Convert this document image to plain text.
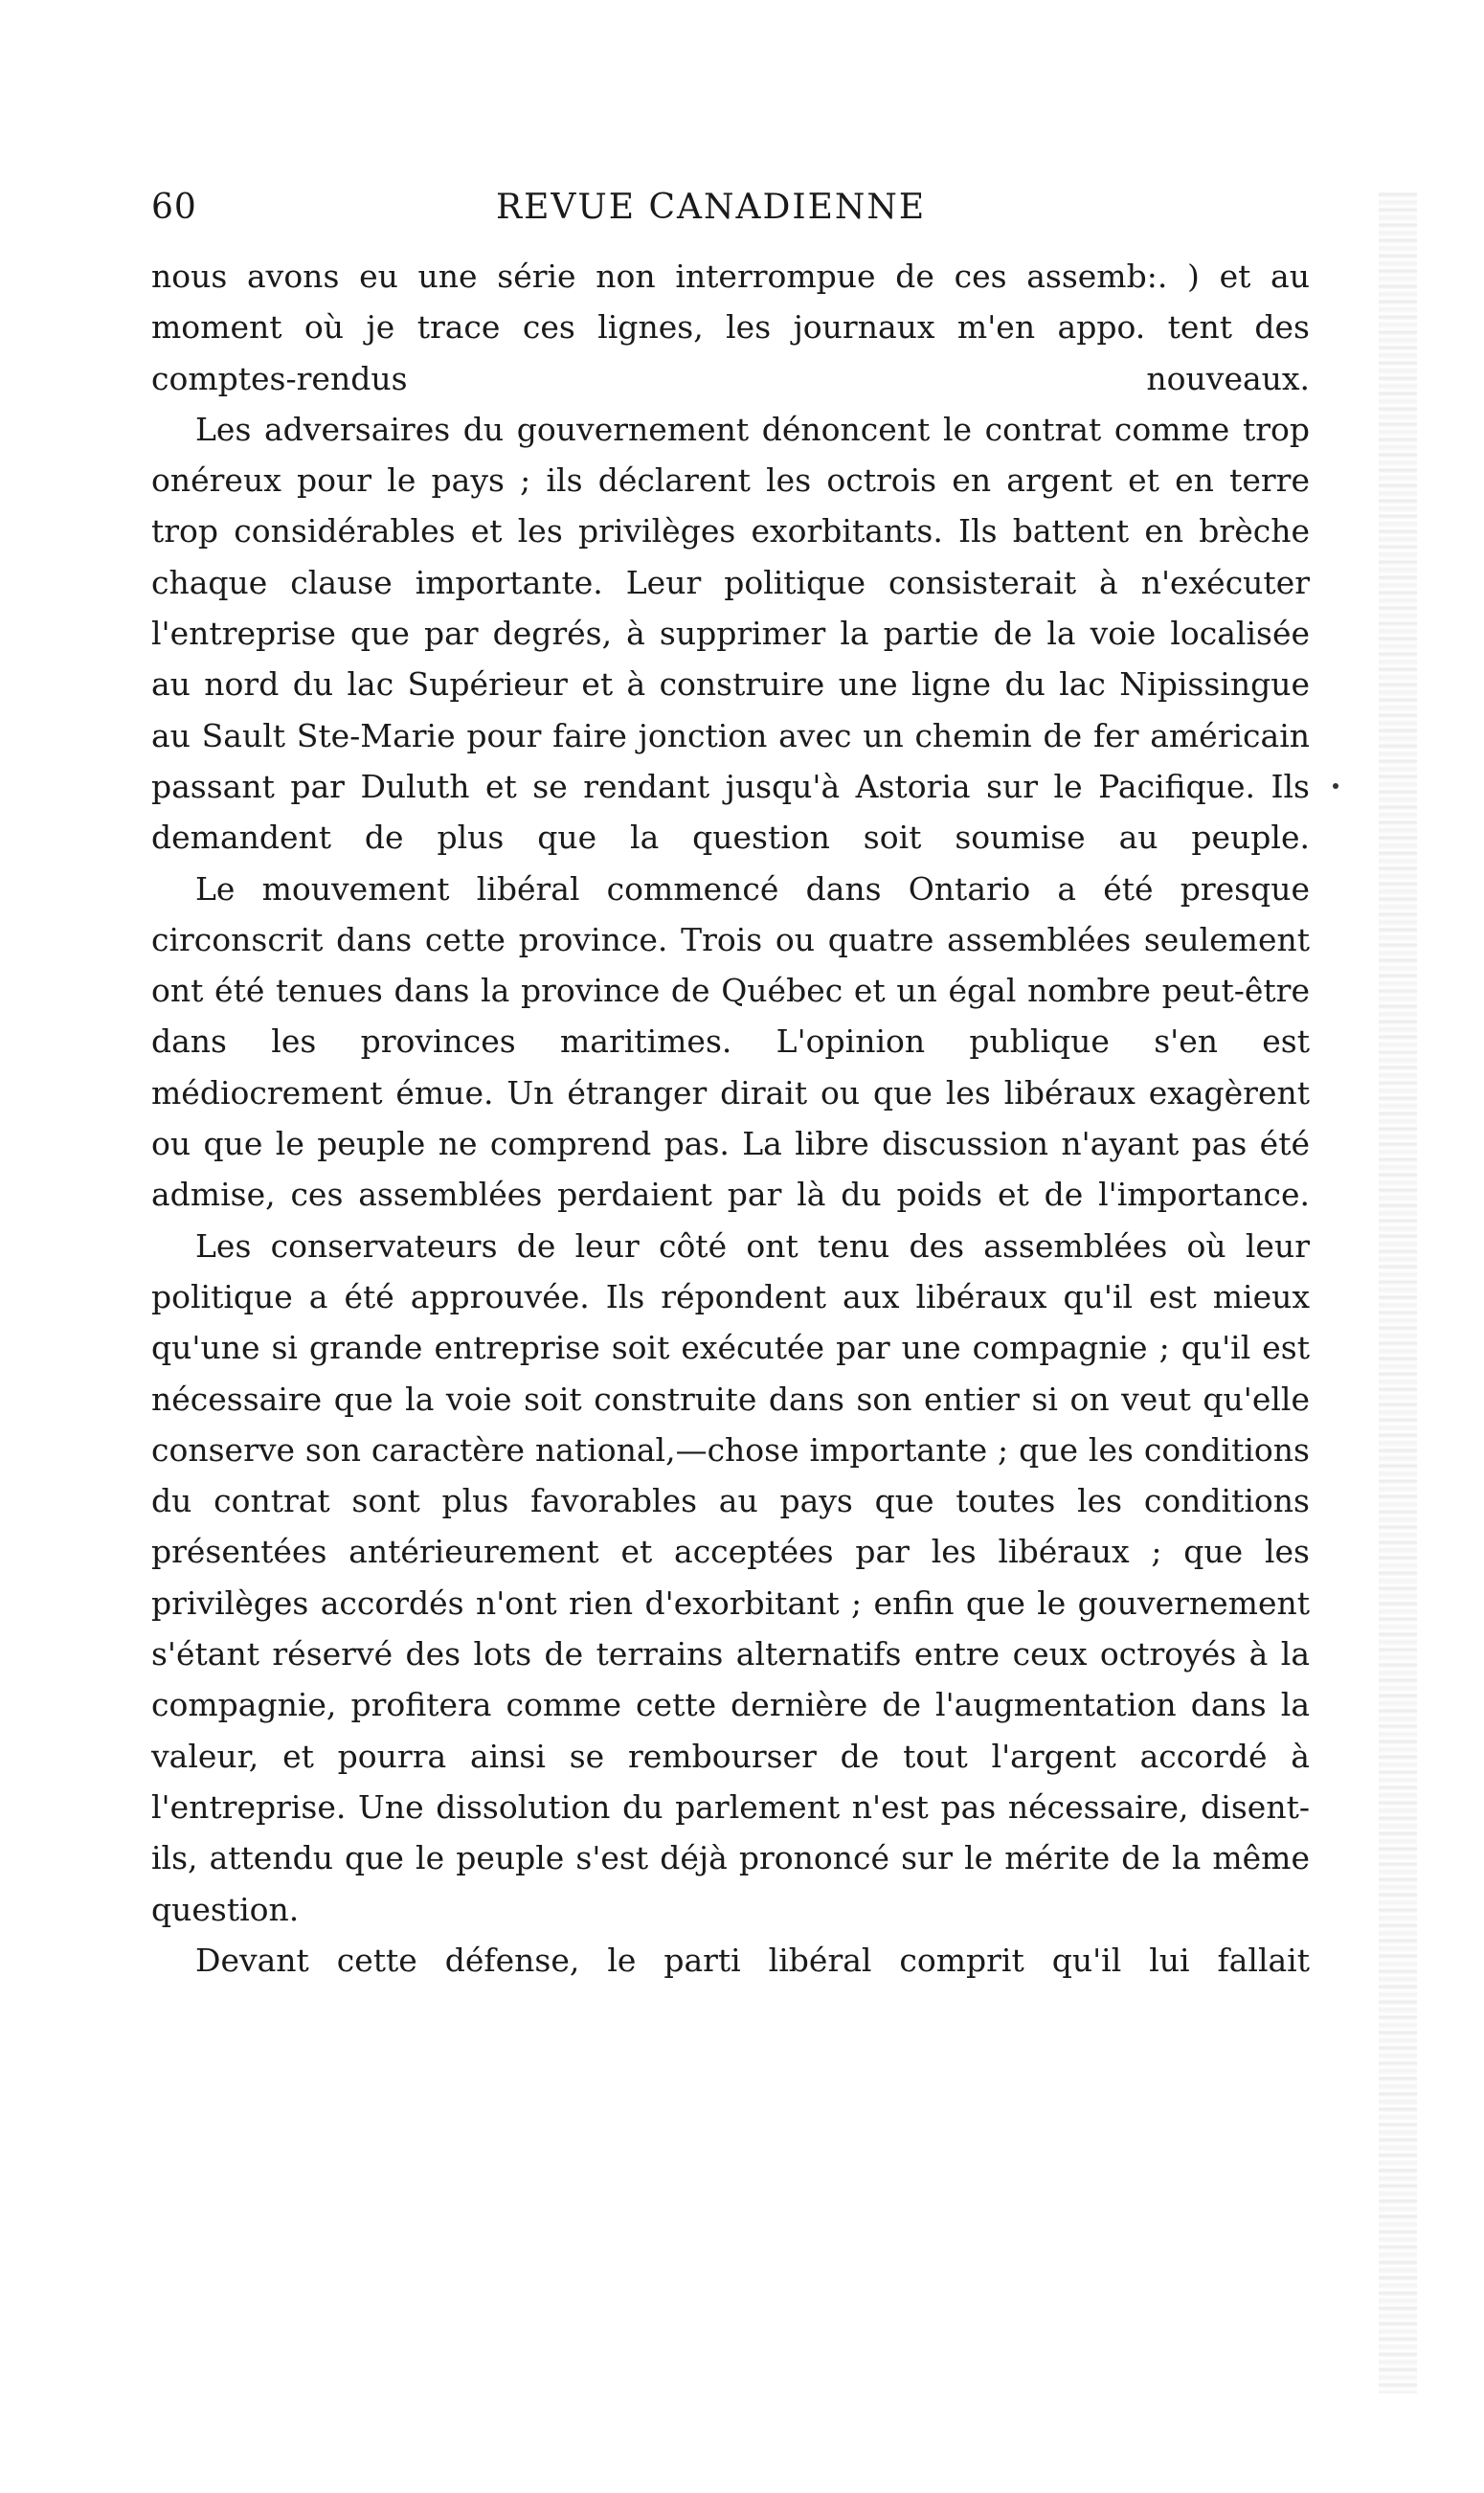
60	REVUE CANADIENNE

nous avons eu une série non interrompue de ces assemb:. ) et au moment où je trace ces lignes, les journaux m'en appo. tent des comptes-rendus nouveaux.

Les adversaires du gouvernement dénoncent le contrat comme trop onéreux pour le pays ; ils déclarent les octrois en argent et en terre trop considérables et les privilèges exorbitants. Ils battent en brèche chaque clause importante. Leur politique consisterait à n'exécuter l'entreprise que par degrés, à supprimer la partie de la voie localisée au nord du lac Supérieur et à construire une ligne du lac Nipissingue au Sault Ste-Marie pour faire jonction avec un chemin de fer américain passant par Duluth et se rendant jusqu'à Astoria sur le Pacifique. Ils demandent de plus que la question soit soumise au peuple.

Le mouvement libéral commencé dans Ontario a été presque circonscrit dans cette province. Trois ou quatre assemblées seulement ont été tenues dans la province de Québec et un égal nombre peut-être dans les provinces maritimes. L'opinion publique s'en est médiocrement émue. Un étranger dirait ou que les libéraux exagèrent ou que le peuple ne comprend pas. La libre discussion n'ayant pas été admise, ces assemblées perdaient par là du poids et de l'importance.

Les conservateurs de leur côté ont tenu des assemblées où leur politique a été approuvée. Ils répondent aux libéraux qu'il est mieux qu'une si grande entreprise soit exécutée par une compagnie ; qu'il est nécessaire que la voie soit construite dans son entier si on veut qu'elle conserve son caractère national,—chose importante ; que les conditions du contrat sont plus favorables au pays que toutes les conditions présentées antérieurement et acceptées par les libéraux ; que les privilèges accordés n'ont rien d'exorbitant ; enfin que le gouvernement s'étant réservé des lots de terrains alternatifs entre ceux octroyés à la compagnie, profitera comme cette dernière de l'augmentation dans la valeur, et pourra ainsi se rembourser de tout l'argent accordé à l'entreprise. Une dissolution du parlement n'est pas nécessaire, disent-ils, attendu que le peuple s'est déjà prononcé sur le mérite de la même question.

Devant cette défense, le parti libéral comprit qu'il lui fallait
